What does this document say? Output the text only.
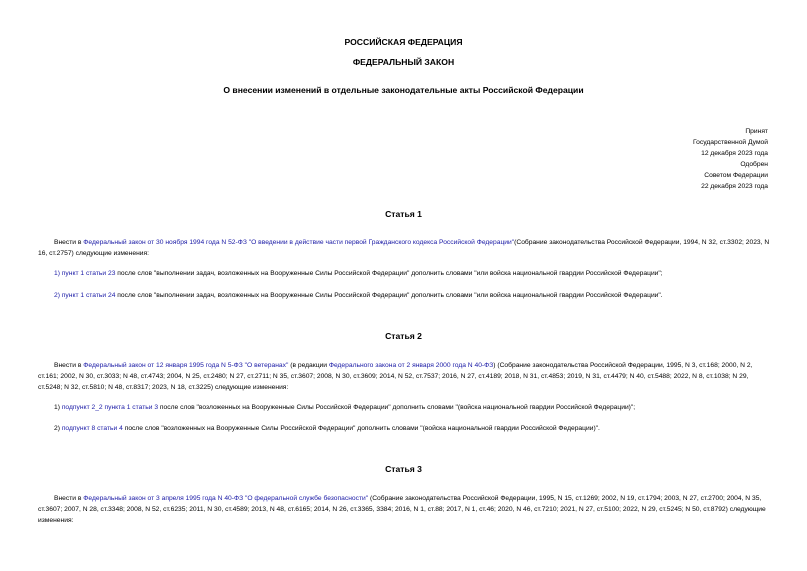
РОССИЙСКАЯ ФЕДЕРАЦИЯ
ФЕДЕРАЛЬНЫЙ ЗАКОН
О внесении изменений в отдельные законодательные акты Российской Федерации
Принят
Государственной Думой
12 декабря 2023 года
Одобрен
Советом Федерации
22 декабря 2023 года
Статья 1
Внести в Федеральный закон от 30 ноября 1994 года N 52-ФЗ "О введении в действие части первой Гражданского кодекса Российской Федерации"(Собрание законодательства Российской Федерации, 1994, N 32, ст.3302; 2023, N 16, ст.2757) следующие изменения:
1) пункт 1 статьи 23 после слов "выполнении задач, возложенных на Вооруженные Силы Российской Федерации" дополнить словами "или войска национальной гвардии Российской Федерации";
2) пункт 1 статьи 24 после слов "выполнении задач, возложенных на Вооруженные Силы Российской Федерации" дополнить словами "или войска национальной гвардии Российской Федерации".
Статья 2
Внести в Федеральный закон от 12 января 1995 года N 5-ФЗ "О ветеранах" (в редакции Федерального закона от 2 января 2000 года N 40-ФЗ) (Собрание законодательства Российской Федерации, 1995, N 3, ст.168; 2000, N 2, ст.161; 2002, N 30, ст.3033; N 48, ст.4743; 2004, N 25, ст.2480; N 27, ст.2711; N 35, ст.3607; 2008, N 30, ст.3609; 2014, N 52, ст.7537; 2016, N 27, ст.4189; 2018, N 31, ст.4853; 2019, N 31, ст.4479; N 40, ст.5488; 2022, N 8, ст.1038; N 29, ст.5248; N 32, ст.5810; N 48, ст.8317; 2023, N 18, ст.3225) следующие изменения:
1) подпункт 2_2 пункта 1 статьи 3 после слов "возложенных на Вооруженные Силы Российской Федерации" дополнить словами "(войска национальной гвардии Российской Федерации)";
2) подпункт 8 статьи 4 после слов "возложенных на Вооруженные Силы Российской Федерации" дополнить словами "(войска национальной гвардии Российской Федерации)".
Статья 3
Внести в Федеральный закон от 3 апреля 1995 года N 40-ФЗ "О федеральной службе безопасности" (Собрание законодательства Российской Федерации, 1995, N 15, ст.1269; 2002, N 19, ст.1794; 2003, N 27, ст.2700; 2004, N 35, ст.3607; 2007, N 28, ст.3348; 2008, N 52, ст.6235; 2011, N 30, ст.4589; 2013, N 48, ст.6165; 2014, N 26, ст.3365, 3384; 2016, N 1, ст.88; 2017, N 1, ст.46; 2020, N 46, ст.7210; 2021, N 27, ст.5100; 2022, N 29, ст.5245; N 50, ст.8792) следующие изменения:
